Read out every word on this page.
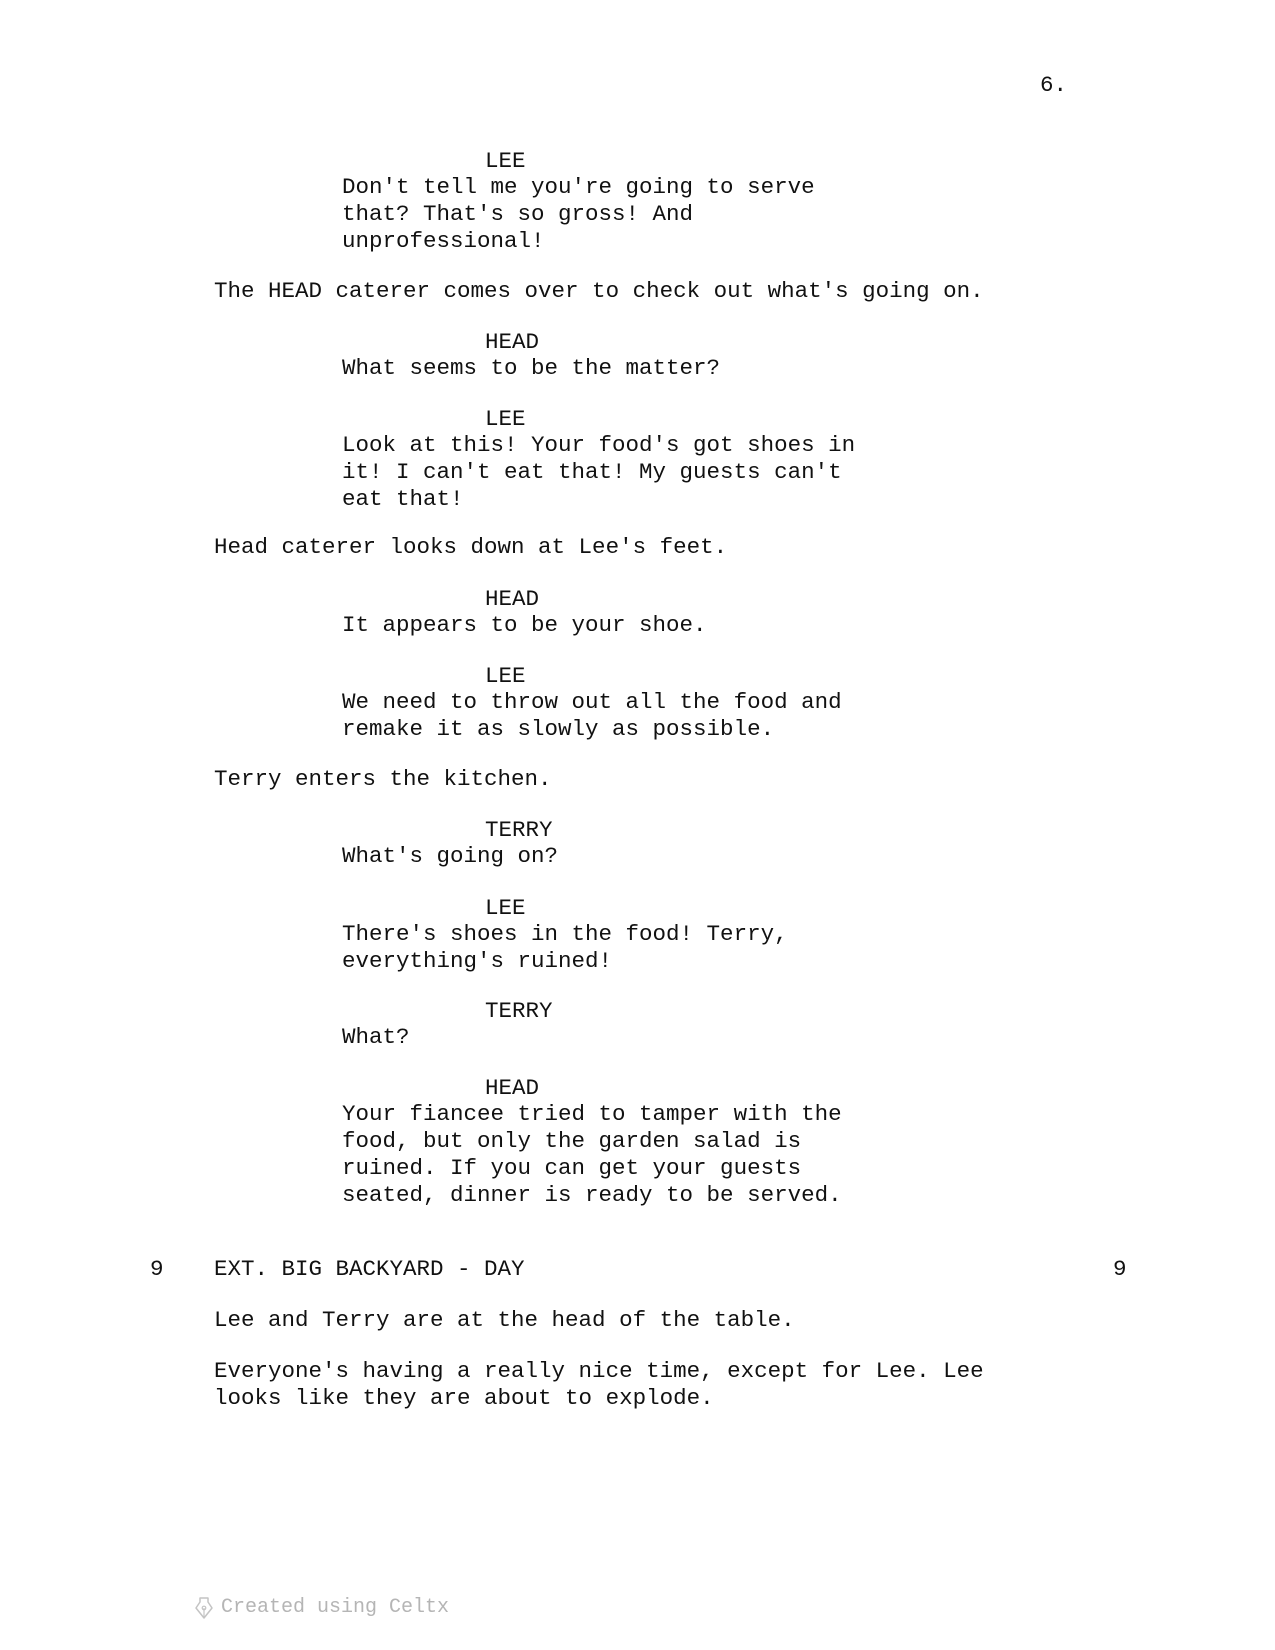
6.
LEE
Don't tell me you're going to serve
that? That's so gross! And
unprofessional!
The HEAD caterer comes over to check out what's going on.
HEAD
What seems to be the matter?
LEE
Look at this! Your food's got shoes in
it! I can't eat that! My guests can't
eat that!
Head caterer looks down at Lee's feet.
HEAD
It appears to be your shoe.
LEE
We need to throw out all the food and
remake it as slowly as possible.
Terry enters the kitchen.
TERRY
What's going on?
LEE
There's shoes in the food! Terry,
everything's ruined!
TERRY
What?
HEAD
Your fiancee tried to tamper with the
food, but only the garden salad is
ruined. If you can get your guests
seated, dinner is ready to be served.
9 EXT. BIG BACKYARD - DAY	9
Lee and Terry are at the head of the table.
Everyone's having a really nice time, except for Lee. Lee
looks like they are about to explode.
Created using Celtx
